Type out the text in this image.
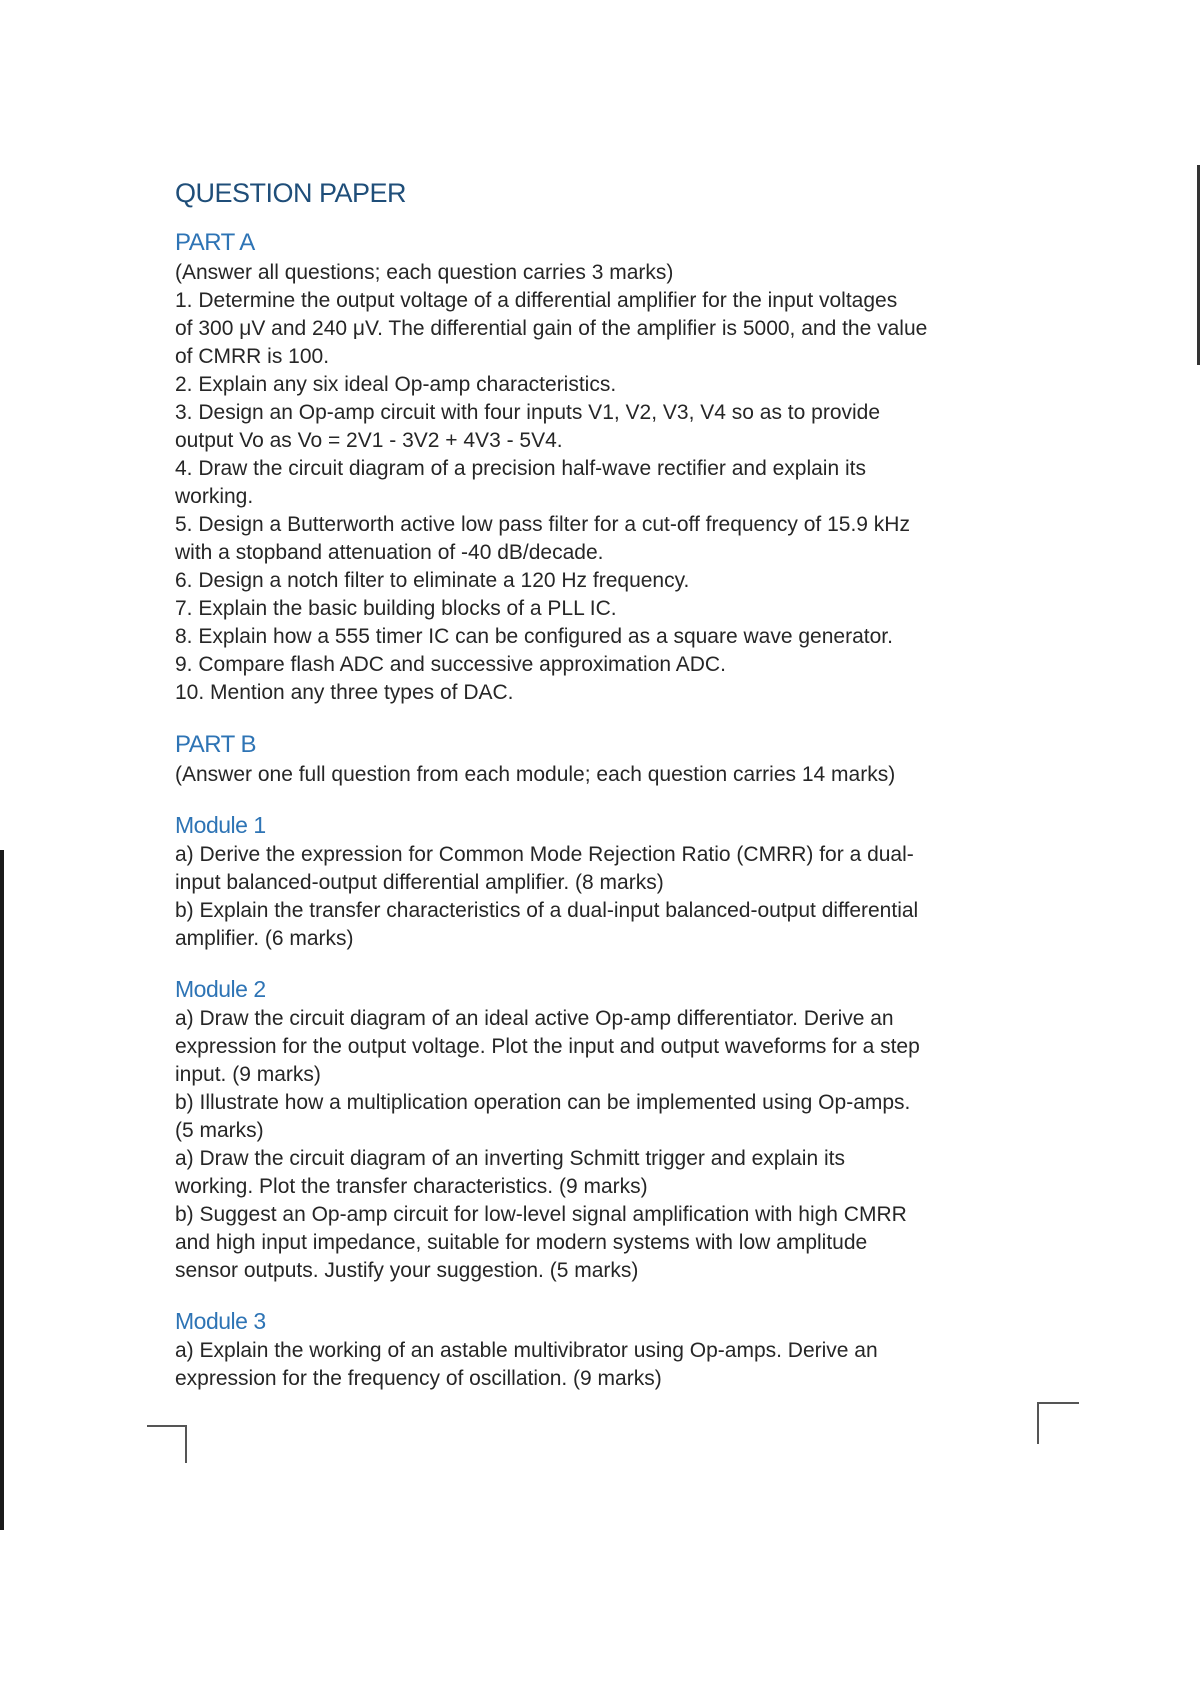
QUESTION PAPER
PART A

(Answer all questions; each question carries 3 marks)

1. Determine the output voltage of a differential amplifier for the input voltages

of 300 μV and 240 μV. The differential gain of the amplifier is 5000, and the value

of CMRR is 100.

2. Explain any six ideal Op-amp characteristics.

3. Design an Op-amp circuit with four inputs V1, V2, V3, V4 so as to provide

output Vo as Vo = 2V1 - 3V2 + 4V3 - 5V4.

4. Draw the circuit diagram of a precision half-wave rectifier and explain its

working.

5. Design a Butterworth active low pass filter for a cut-off frequency of 15.9 kHz

with a stopband attenuation of -40 dB/decade.

6. Design a notch filter to eliminate a 120 Hz frequency.

7. Explain the basic building blocks of a PLL IC.

8. Explain how a 555 timer IC can be configured as a square wave generator.

9. Compare flash ADC and successive approximation ADC.

10. Mention any three types of DAC.

PART B

(Answer one full question from each module; each question carries 14 marks)

Module 1

a) Derive the expression for Common Mode Rejection Ratio (CMRR) for a dual-

input balanced-output differential amplifier. (8 marks)

b) Explain the transfer characteristics of a dual-input balanced-output differential

amplifier. (6 marks)

Module 2

a) Draw the circuit diagram of an ideal active Op-amp differentiator. Derive an

expression for the output voltage. Plot the input and output waveforms for a step

input. (9 marks)

b) Illustrate how a multiplication operation can be implemented using Op-amps.

(5 marks)

a) Draw the circuit diagram of an inverting Schmitt trigger and explain its

working. Plot the transfer characteristics. (9 marks)

b) Suggest an Op-amp circuit for low-level signal amplification with high CMRR

and high input impedance, suitable for modern systems with low amplitude

sensor outputs. Justify your suggestion. (5 marks)

Module 3

a) Explain the working of an astable multivibrator using Op-amps. Derive an

expression for the frequency of oscillation. (9 marks)
